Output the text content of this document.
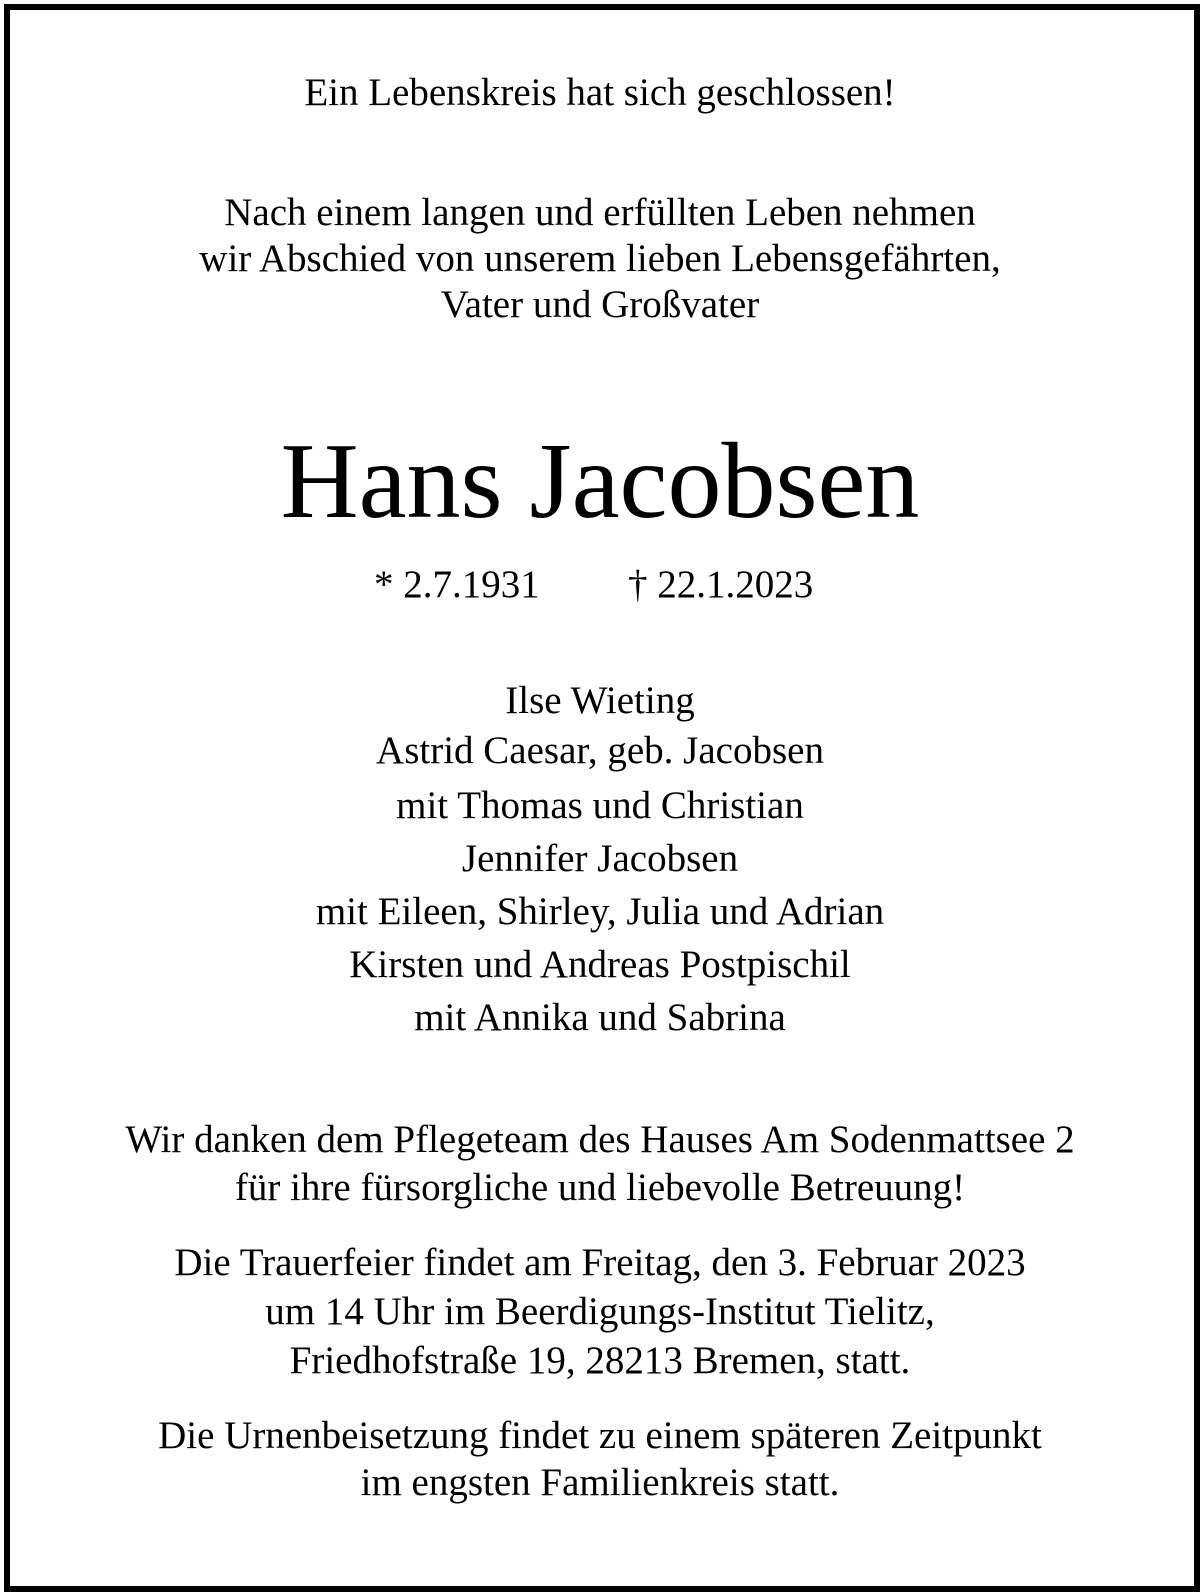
Ein Lebenskreis hat sich geschlossen!
Nach einem langen und erfüllten Leben nehmen
wir Abschied von unserem lieben Lebensgefährten,
Vater und Großvater
Hans Jacobsen
* 2.7.1931 † 22.1.2023
Ilse Wieting
Astrid Caesar, geb. Jacobsen
mit Thomas und Christian
Jennifer Jacobsen
mit Eileen, Shirley, Julia und Adrian
Kirsten und Andreas Postpischil
mit Annika und Sabrina
Wir danken dem Pflegeteam des Hauses Am Sodenmattsee 2
für ihre fürsorgliche und liebevolle Betreuung!
Die Trauerfeier findet am Freitag, den 3. Februar 2023
um 14 Uhr im Beerdigungs-Institut Tielitz,
Friedhofstraße 19, 28213 Bremen, statt.
Die Urnenbeisetzung findet zu einem späteren Zeitpunkt
im engsten Familienkreis statt.
